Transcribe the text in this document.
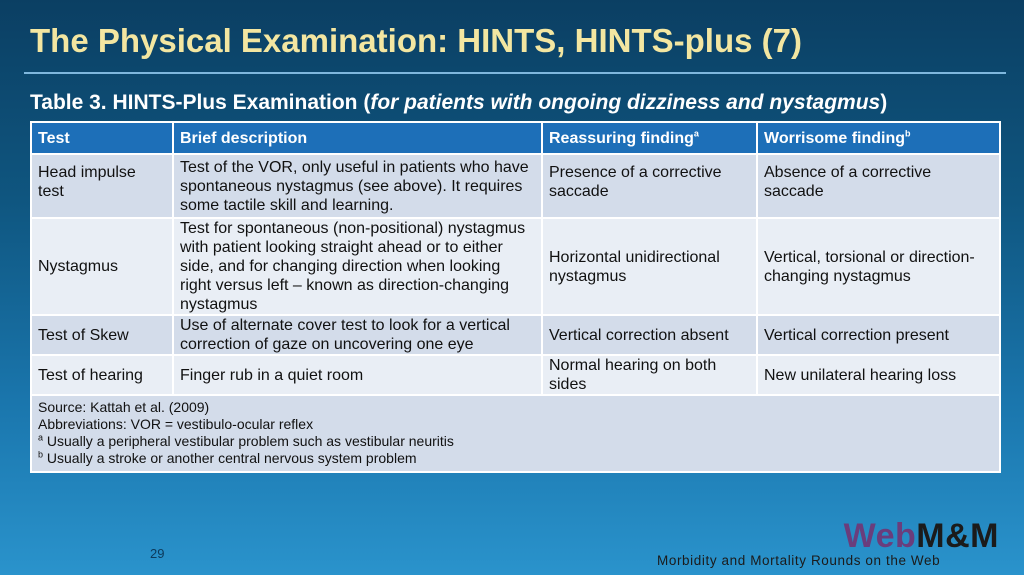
The Physical Examination: HINTS, HINTS-plus (7)
Table 3. HINTS-Plus Examination (for patients with ongoing dizziness and nystagmus)
Test	Brief description	Reassuring finding$^a$	Worrisome finding$^b$
Head impulse test	Test of the VOR, only useful in patients who have spontaneous nystagmus (see above). It requires some tactile skill and learning.	Presence of a corrective saccade	Absence of a corrective saccade
Nystagmus	Test for spontaneous (non-positional) nystagmus with patient looking straight ahead or to either side, and for changing direction when looking right versus left – known as direction-changing nystagmus	Horizontal unidirectional nystagmus	Vertical, torsional or direction-changing nystagmus
Test of Skew	Use of alternate cover test to look for a vertical correction of gaze on uncovering one eye	Vertical correction absent	Vertical correction present
Test of hearing	Finger rub in a quiet room	Normal hearing on both sides	New unilateral hearing loss

Source: Kattah et al. (2009)
Abbreviations: VOR = vestibulo-ocular reflex
$^a$ Usually a peripheral vestibular problem such as vestibular neuritis
$^b$ Usually a stroke or another central nervous system problem			
29	WebM&M
Morbidity and Mortality Rounds on the Web
